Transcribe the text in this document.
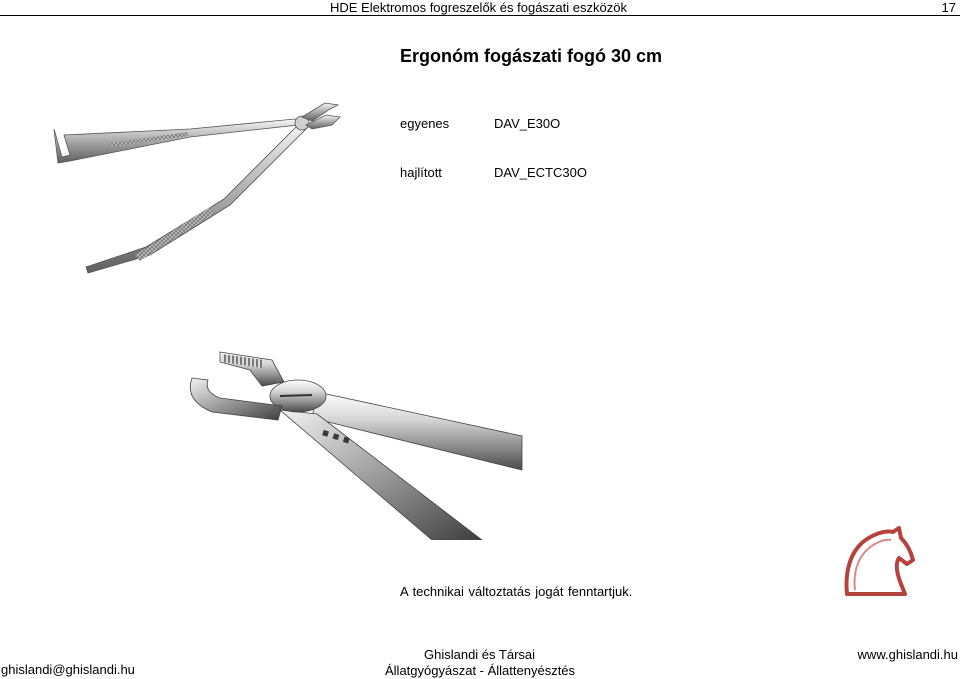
HDE Elektromos fogreszelők és fogászati eszközök	17
Ergonóm fogászati fogó 30 cm
egyenes	DAV_E30O
hajlított	DAV_ECTC30O
▪ ▪ ▪
A technikai változtatás jogát fenntartjuk.
Ghislandi és Társai
Állatgyógyászat - Állattenyésztés
ghislandi@ghislandi.hu
www.ghislandi.hu
